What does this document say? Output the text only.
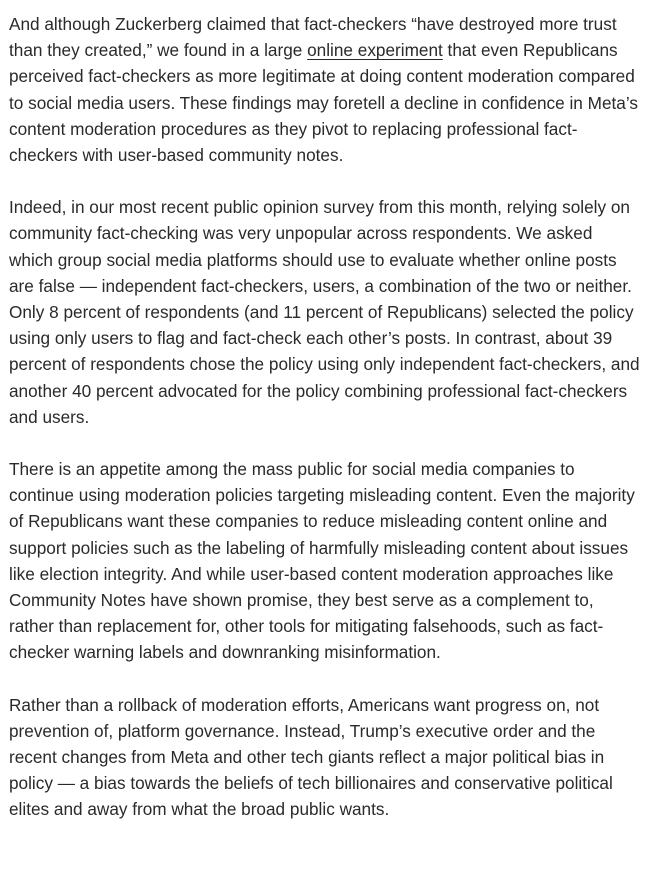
And although Zuckerberg claimed that fact-checkers “have destroyed more trust than they created,” we found in a large online experiment that even Republicans perceived fact-checkers as more legitimate at doing content moderation compared to social media users. These findings may foretell a decline in confidence in Meta’s content moderation procedures as they pivot to replacing professional fact-checkers with user-based community notes.

Indeed, in our most recent public opinion survey from this month, relying solely on community fact-checking was very unpopular across respondents. We asked which group social media platforms should use to evaluate whether online posts are false — independent fact-checkers, users, a combination of the two or neither. Only 8 percent of respondents (and 11 percent of Republicans) selected the policy using only users to flag and fact-check each other’s posts. In contrast, about 39 percent of respondents chose the policy using only independent fact-checkers, and another 40 percent advocated for the policy combining professional fact-checkers and users.

There is an appetite among the mass public for social media companies to continue using moderation policies targeting misleading content. Even the majority of Republicans want these companies to reduce misleading content online and support policies such as the labeling of harmfully misleading content about issues like election integrity. And while user-based content moderation approaches like Community Notes have shown promise, they best serve as a complement to, rather than replacement for, other tools for mitigating falsehoods, such as fact-checker warning labels and downranking misinformation.

Rather than a rollback of moderation efforts, Americans want progress on, not prevention of, platform governance. Instead, Trump’s executive order and the recent changes from Meta and other tech giants reflect a major political bias in policy — a bias towards the beliefs of tech billionaires and conservative political elites and away from what the broad public wants.
